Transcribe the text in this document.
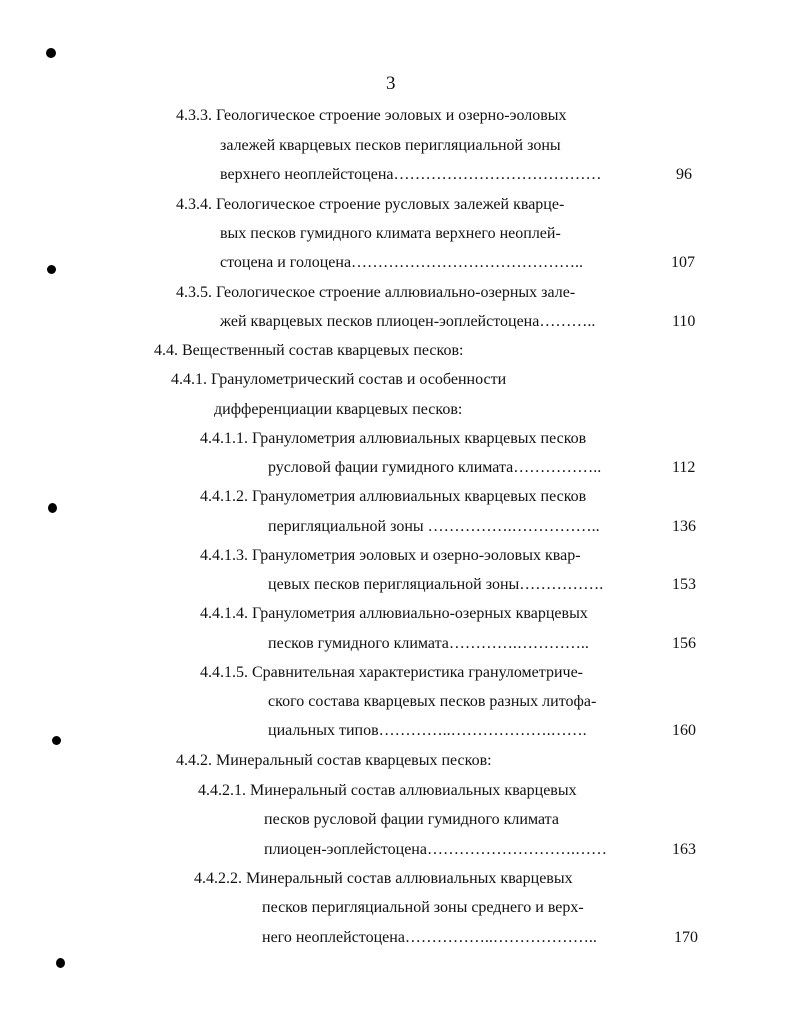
3
4.3.3. Геологическое строение эоловых и озерно-эоловых
залежей кварцевых песков перигляциальной зоны
верхнего неоплейстоцена…………………………………	96
4.3.4. Геологическое строение русловых залежей кварце-
вых песков гумидного климата верхнего неоплей-
стоцена и голоцена……………………………………..	107
4.3.5. Геологическое строение аллювиально-озерных зале-
жей кварцевых песков плиоцен-эоплейстоцена………..	110
4.4. Вещественный состав кварцевых песков:
4.4.1. Гранулометрический состав и особенности
дифференциации кварцевых песков:
4.4.1.1. Гранулометрия аллювиальных кварцевых песков
русловой фации гумидного климата……………..	112
4.4.1.2. Гранулометрия аллювиальных кварцевых песков
перигляциальной зоны …………….……………..	136
4.4.1.3. Гранулометрия эоловых и озерно-эоловых квар-
цевых песков перигляциальной зоны…………….	153
4.4.1.4. Гранулометрия аллювиально-озерных кварцевых
песков гумидного климата………….…………..	156
4.4.1.5. Сравнительная характеристика гранулометриче-
ского состава кварцевых песков разных литофа-
циальных типов…………..……………….…….	160
4.4.2. Минеральный состав кварцевых песков:
4.4.2.1. Минеральный состав аллювиальных кварцевых
песков русловой фации гумидного климата
плиоцен-эоплейстоцена……………………….……	163
4.4.2.2. Минеральный состав аллювиальных кварцевых
песков перигляциальной зоны среднего и верх-
него неоплейстоцена……………..………………..	170
